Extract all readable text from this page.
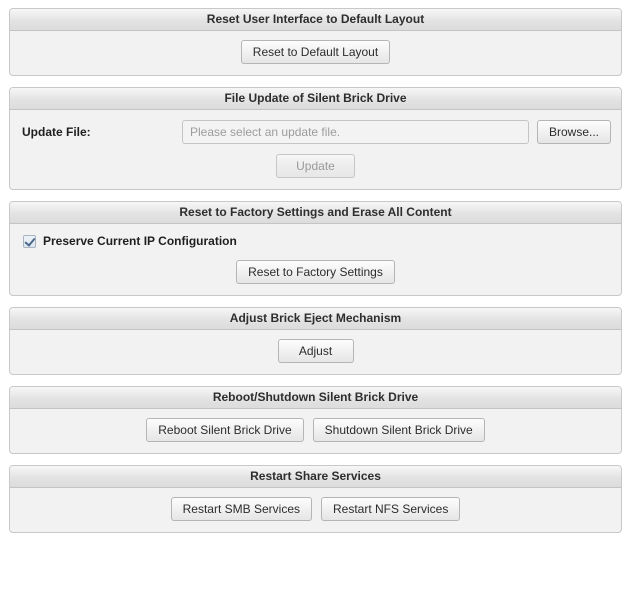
Reset User Interface to Default Layout
Reset to Default Layout
File Update of Silent Brick Drive
Update File:
Please select an update file.	Browse...
Update
Reset to Factory Settings and Erase All Content
Preserve Current IP Configuration
Reset to Factory Settings
Adjust Brick Eject Mechanism
Adjust
Reboot/Shutdown Silent Brick Drive
Reboot Silent Brick Drive	Shutdown Silent Brick Drive
Restart Share Services
Restart SMB Services	Restart NFS Services
